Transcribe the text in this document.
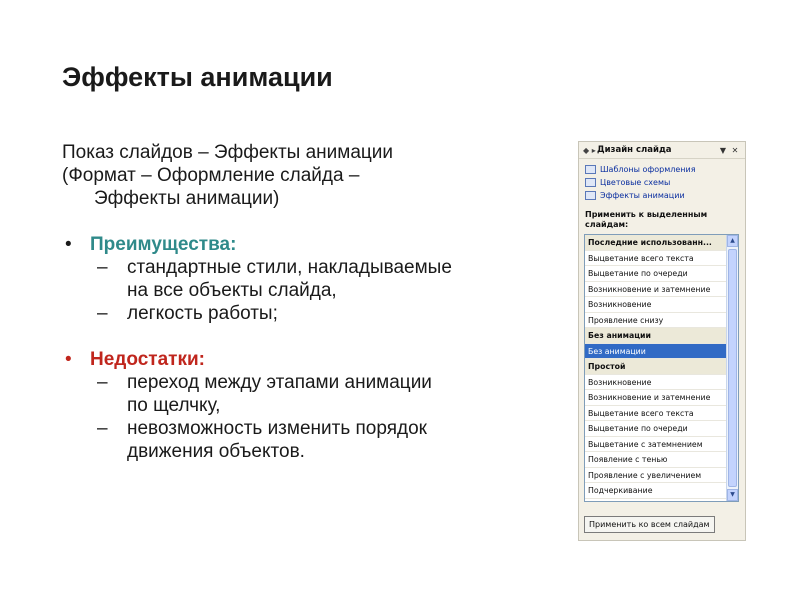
Эффекты анимации
Показ слайдов – Эффекты анимации
(Формат – Оформление слайда –
Эффекты анимации)
• Преимущества:
–	стандартные стили, накладываемые
на все объекты слайда,
–	легкость работы;
• Недостатки:
–	переход между этапами анимации
по щелчку,
–	невозможность изменить порядок
движения объектов.
◆ ▸ Дизайн слайда	▼ ✕
Шаблоны оформления
Цветовые схемы
Эффекты анимации
Применить к выделенным
слайдам:
Последние использованн...
Выцветание всего текста
Выцветание по очереди
Возникновение и затемнение
Возникновение
Проявление снизу
Без анимации
Без анимации
Простой
Возникновение
Возникновение и затемнение
Выцветание всего текста
Выцветание по очереди
Выцветание с затемнением
Появление с тенью
Проявление с увеличением
Подчеркивание
▲
▼
Применить ко всем слайдам
